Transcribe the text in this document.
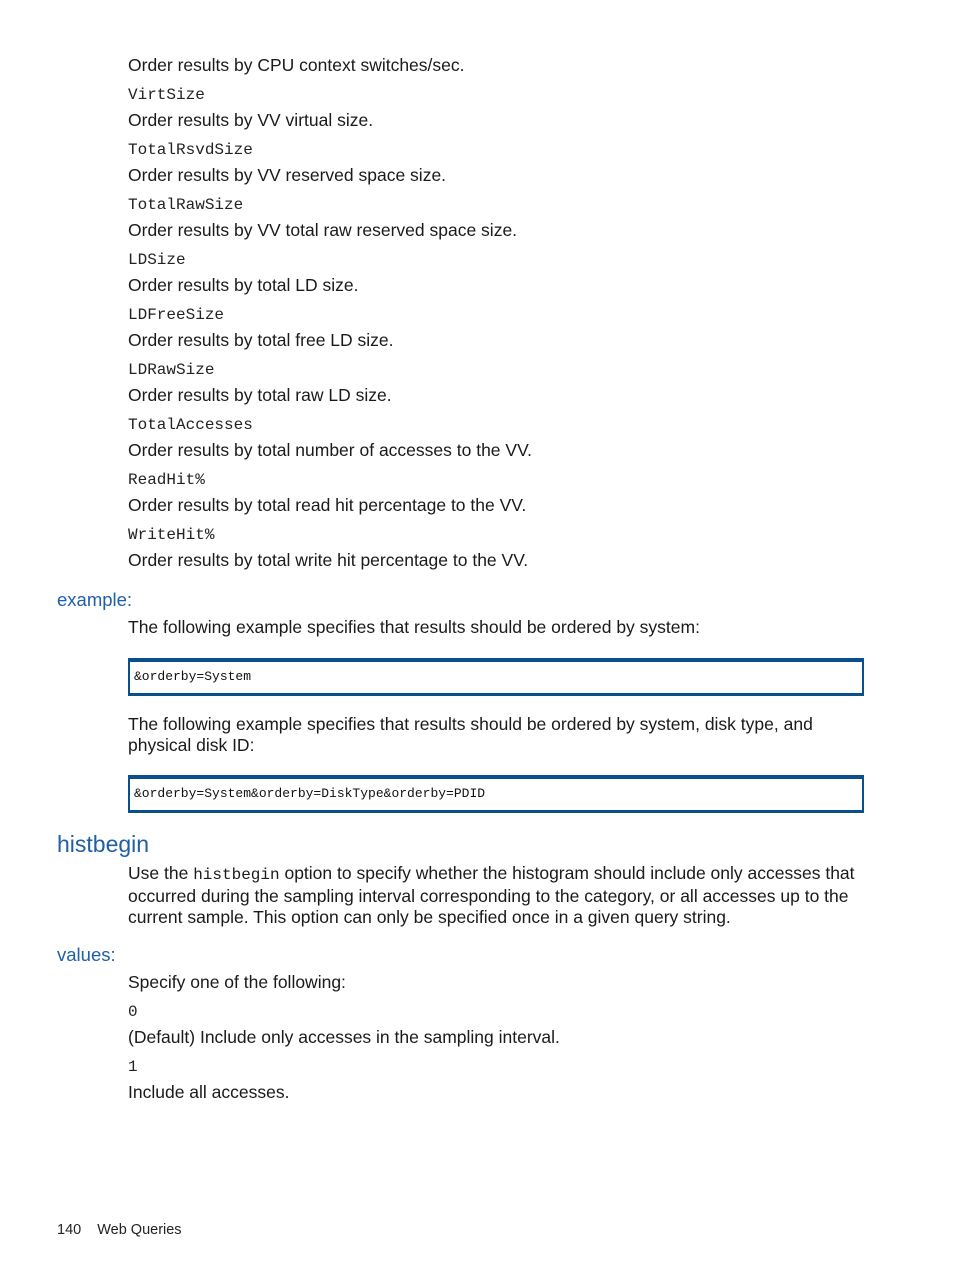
Order results by CPU context switches/sec.
VirtSize
Order results by VV virtual size.
TotalRsvdSize
Order results by VV reserved space size.
TotalRawSize
Order results by VV total raw reserved space size.
LDSize
Order results by total LD size.
LDFreeSize
Order results by total free LD size.
LDRawSize
Order results by total raw LD size.
TotalAccesses
Order results by total number of accesses to the VV.
ReadHit%
Order results by total read hit percentage to the VV.
WriteHit%
Order results by total write hit percentage to the VV.
example:
The following example specifies that results should be ordered by system:
&orderby=System
The following example specifies that results should be ordered by system, disk type, and physical disk ID:
&orderby=System&orderby=DiskType&orderby=PDID
histbegin
Use the histbegin option to specify whether the histogram should include only accesses that occurred during the sampling interval corresponding to the category, or all accesses up to the current sample. This option can only be specified once in a given query string.
values:
Specify one of the following:
0
(Default) Include only accesses in the sampling interval.
1
Include all accesses.
140 Web Queries
